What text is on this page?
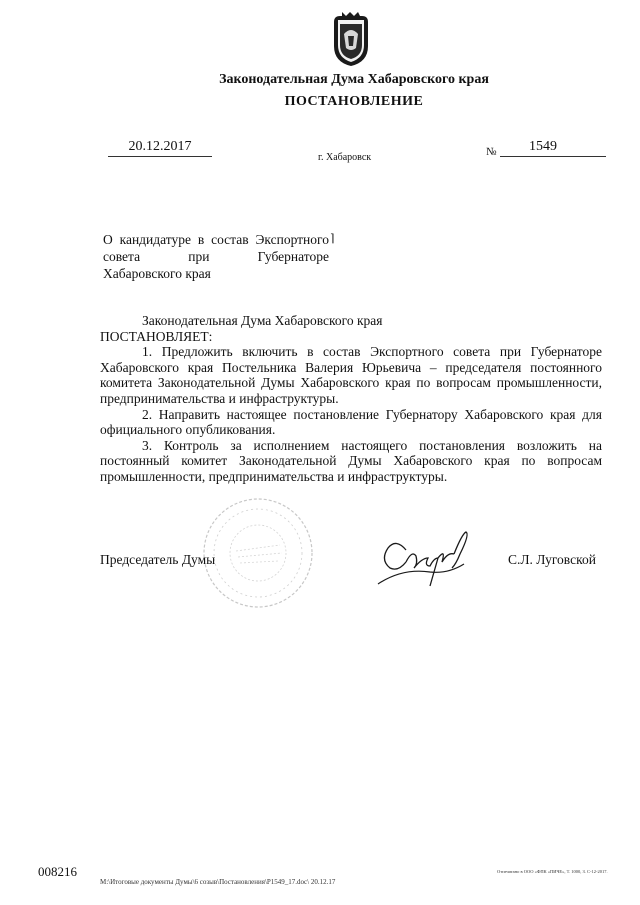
Законодательная Дума Хабаровского края
ПОСТАНОВЛЕНИЕ
20.12.2017
г. Хабаровск	№	1549
О кандидатуре в состав Экспортного
совета	при	Губернаторе
Хабаровского края
⌉

Законодательная Дума Хабаровского края

ПОСТАНОВЛЯЕТ:

1. Предложить включить в состав Экспортного совета при Губернаторе Хабаровского края Постельника Валерия Юрьевича – председателя постоянного комитета Законодательной Думы Хабаровского края по вопросам промышленности, предпринимательства и инфраструктуры.

2. Направить настоящее постановление Губернатору Хабаровского края для официального опубликования.

3. Контроль за исполнением настоящего постановления возложить на постоянный комитет Законодательной Думы Хабаровского края по вопросам промышленности, предпринимательства и инфраструктуры.

Председатель Думы	С.Л. Луговской
008216
М:\Итоговые документы Думы\6 созыв\Постановления\Р1549_17.doc\ 20.12.17
Отпечатано в ООО «ФПК «ПИЧЕ», Т. 1000, З. С-12-2017.
